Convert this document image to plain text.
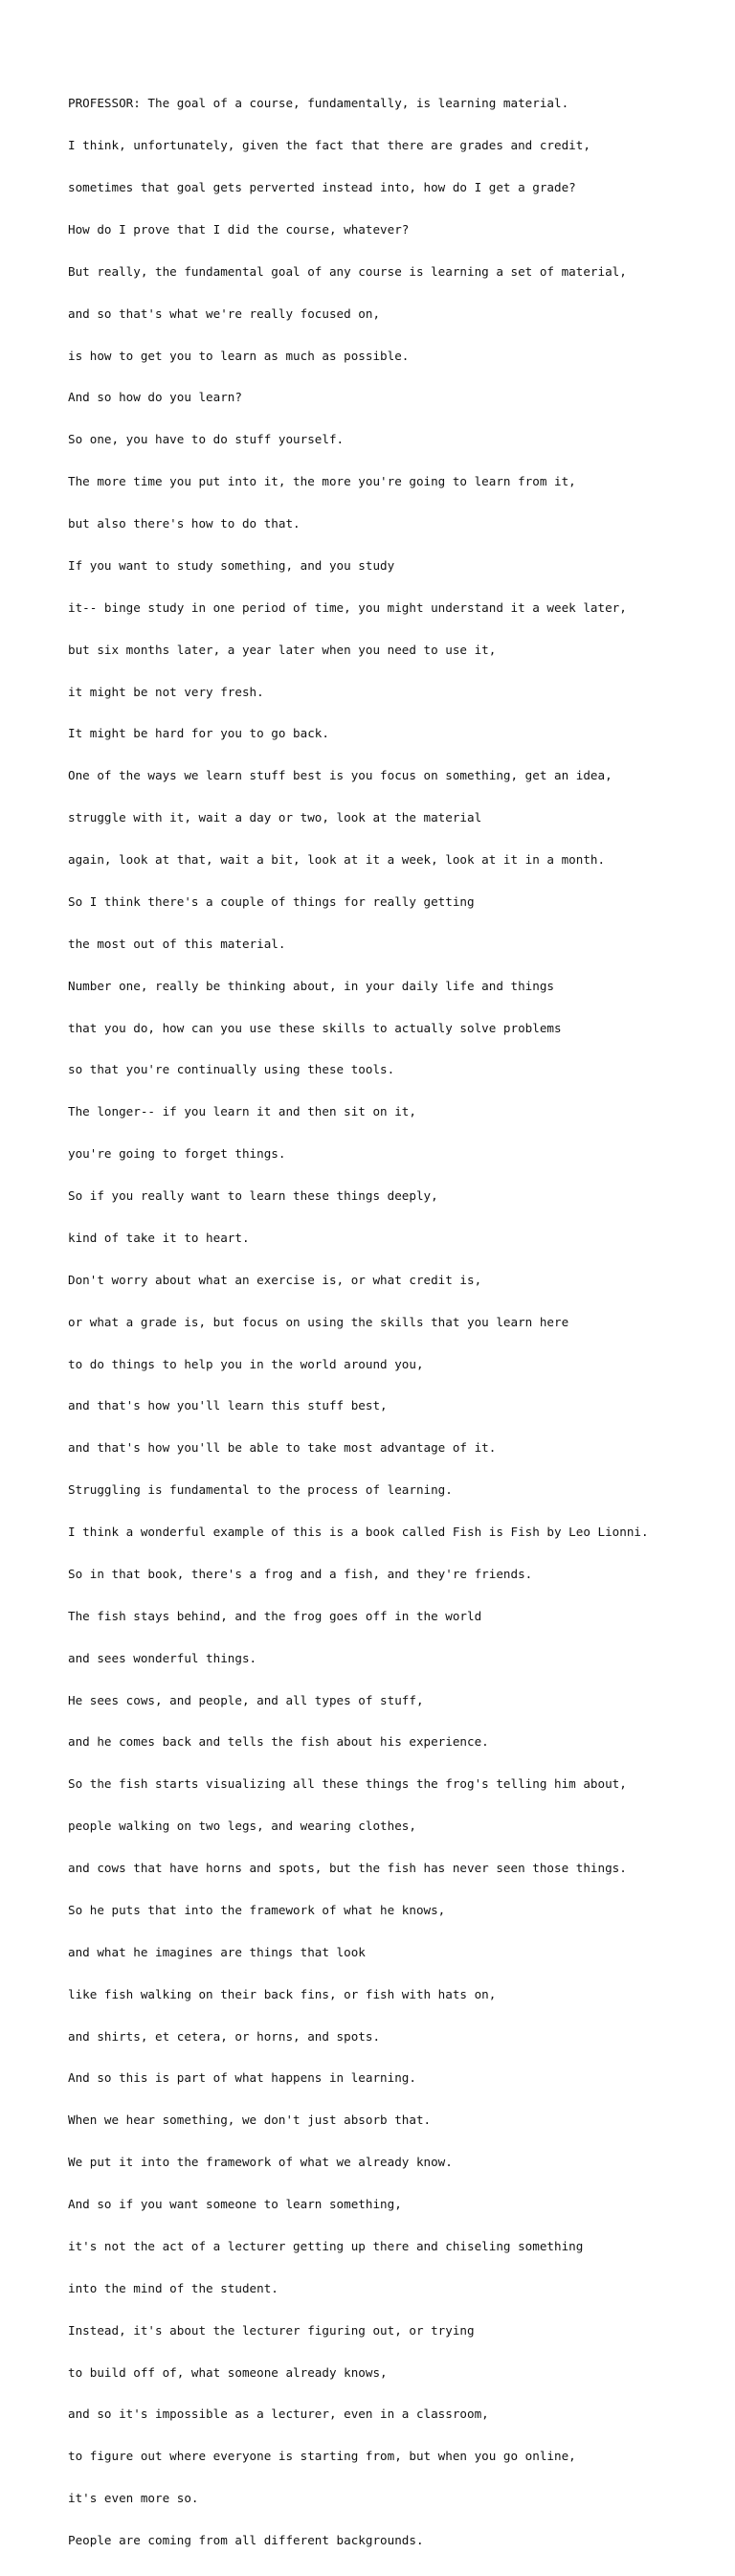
PROFESSOR: The goal of a course, fundamentally, is learning material.

I think, unfortunately, given the fact that there are grades and credit,

sometimes that goal gets perverted instead into, how do I get a grade?

How do I prove that I did the course, whatever?

But really, the fundamental goal of any course is learning a set of material,

and so that's what we're really focused on,

is how to get you to learn as much as possible.

And so how do you learn?

So one, you have to do stuff yourself.

The more time you put into it, the more you're going to learn from it,

but also there's how to do that.

If you want to study something, and you study

it-- binge study in one period of time, you might understand it a week later,

but six months later, a year later when you need to use it,

it might be not very fresh.

It might be hard for you to go back.

One of the ways we learn stuff best is you focus on something, get an idea,

struggle with it, wait a day or two, look at the material

again, look at that, wait a bit, look at it a week, look at it in a month.

So I think there's a couple of things for really getting

the most out of this material.

Number one, really be thinking about, in your daily life and things

that you do, how can you use these skills to actually solve problems

so that you're continually using these tools.

The longer-- if you learn it and then sit on it,

you're going to forget things.

So if you really want to learn these things deeply,

kind of take it to heart.

Don't worry about what an exercise is, or what credit is,

or what a grade is, but focus on using the skills that you learn here

to do things to help you in the world around you,

and that's how you'll learn this stuff best,

and that's how you'll be able to take most advantage of it.

Struggling is fundamental to the process of learning.

I think a wonderful example of this is a book called Fish is Fish by Leo Lionni.

So in that book, there's a frog and a fish, and they're friends.

The fish stays behind, and the frog goes off in the world

and sees wonderful things.

He sees cows, and people, and all types of stuff,

and he comes back and tells the fish about his experience.

So the fish starts visualizing all these things the frog's telling him about,

people walking on two legs, and wearing clothes,

and cows that have horns and spots, but the fish has never seen those things.

So he puts that into the framework of what he knows,

and what he imagines are things that look

like fish walking on their back fins, or fish with hats on,

and shirts, et cetera, or horns, and spots.

And so this is part of what happens in learning.

When we hear something, we don't just absorb that.

We put it into the framework of what we already know.

And so if you want someone to learn something,

it's not the act of a lecturer getting up there and chiseling something

into the mind of the student.

Instead, it's about the lecturer figuring out, or trying

to build off of, what someone already knows,

and so it's impossible as a lecturer, even in a classroom,

to figure out where everyone is starting from, but when you go online,

it's even more so.

People are coming from all different backgrounds.
